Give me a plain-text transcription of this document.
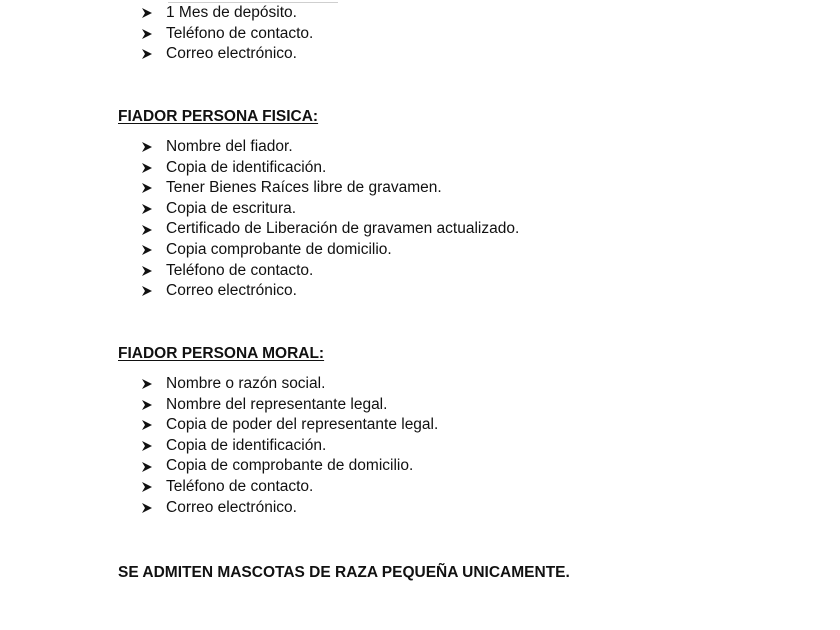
1 Mes de depósito.
Teléfono de contacto.
Correo electrónico.
FIADOR PERSONA FISICA:
Nombre del fiador.
Copia de identificación.
Tener Bienes Raíces libre de gravamen.
Copia de escritura.
Certificado de Liberación de gravamen actualizado.
Copia comprobante de domicilio.
Teléfono de contacto.
Correo electrónico.
FIADOR PERSONA MORAL:
Nombre o razón social.
Nombre del representante legal.
Copia de poder del representante legal.
Copia de identificación.
Copia de comprobante de domicilio.
Teléfono de contacto.
Correo electrónico.

SE ADMITEN MASCOTAS DE RAZA PEQUEÑA UNICAMENTE.
